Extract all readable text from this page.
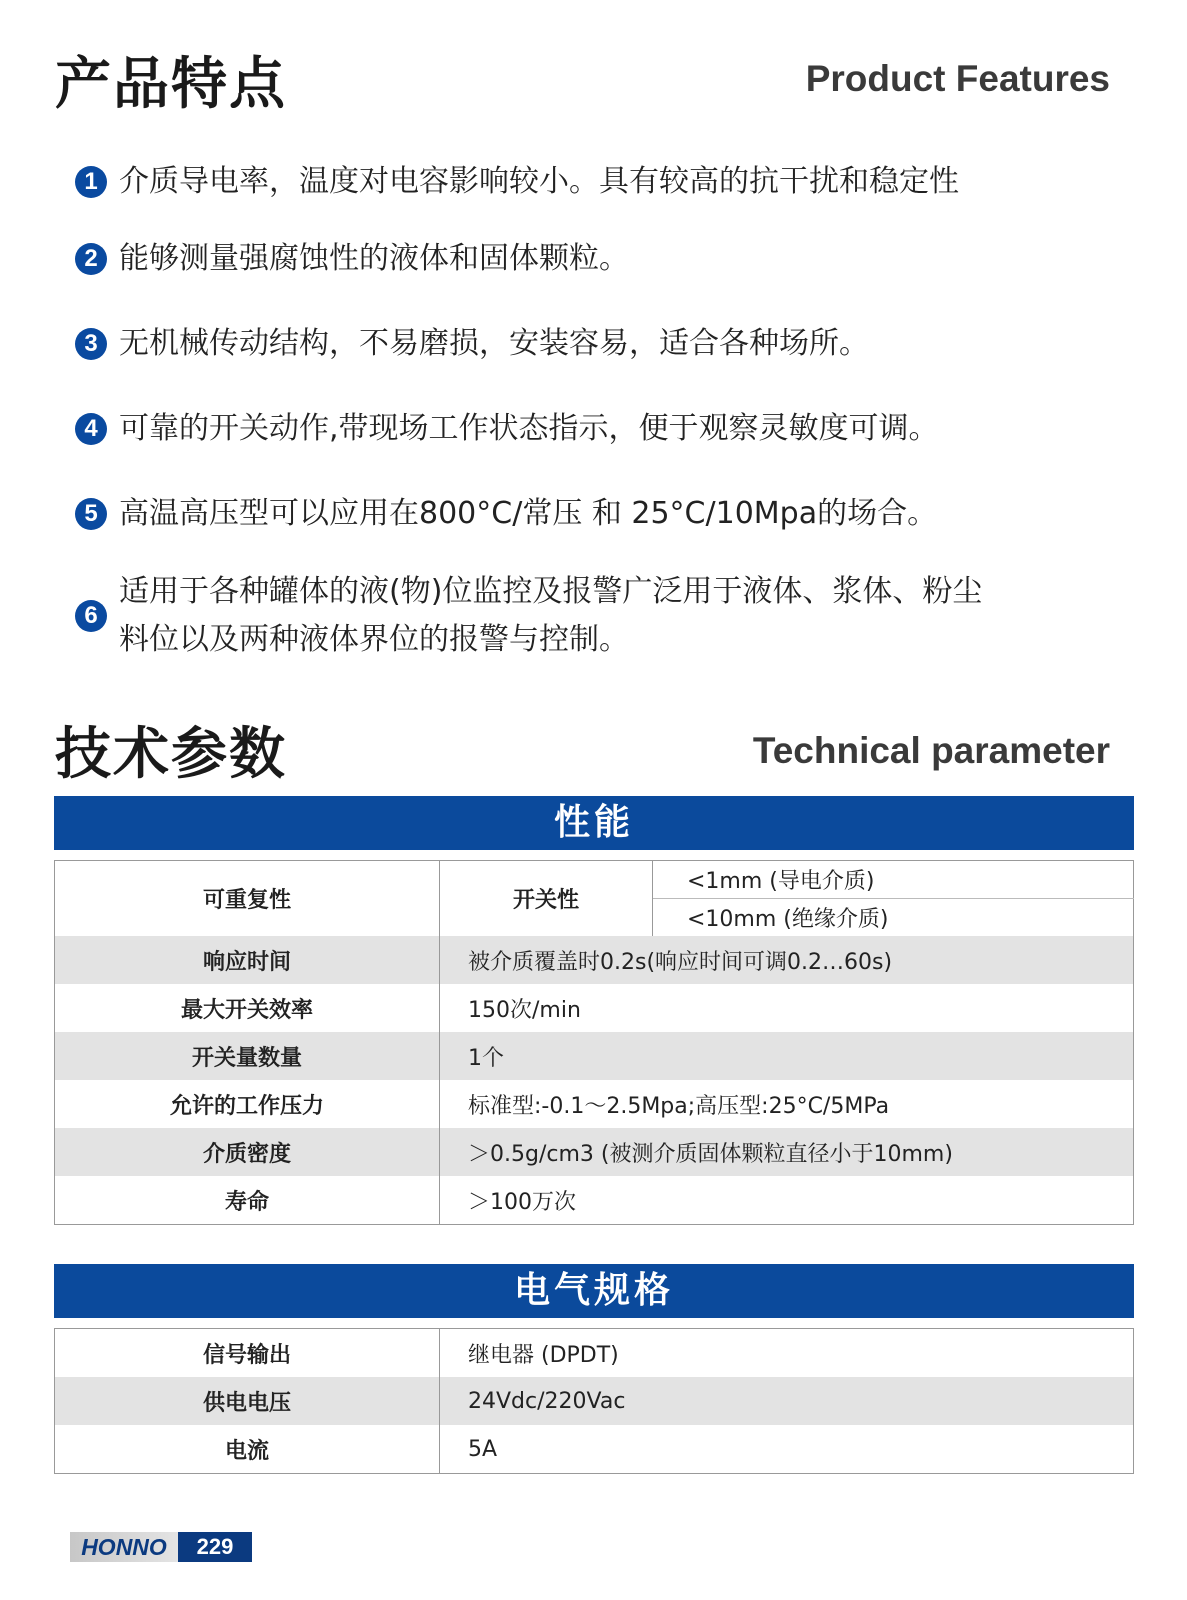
产品特点	Product Features
1 介质导电率，温度对电容影响较小。具有较高的抗干扰和稳定性
2 能够测量强腐蚀性的液体和固体颗粒。
3 无机械传动结构，不易磨损，安装容易，适合各种场所。
4 可靠的开关动作,带现场工作状态指示，便于观察灵敏度可调。
5 高温高压型可以应用在800°C/常压 和 25°C/10Mpa的场合。
6
适用于各种罐体的液(物)位监控及报警广泛用于液体、浆体、粉尘
料位以及两种液体界位的报警与控制。
技术参数	Technical parameter
性能
可重复性	开关性	<1mm (导电介质)
		<10mm (绝缘介质)
响应时间	被介质覆盖时0.2s(响应时间可调0.2…60s)	
最大开关效率	150次/min	
开关量数量	1个	
允许的工作压力	标准型:-0.1～2.5Mpa;高压型:25°C/5MPa	
介质密度	＞0.5g/cm3 (被测介质固体颗粒直径小于10mm)	
寿命	＞100万次	
电气规格
信号输出	继电器 (DPDT)
供电电压	24Vdc/220Vac
电流	5A
HONNO	229
